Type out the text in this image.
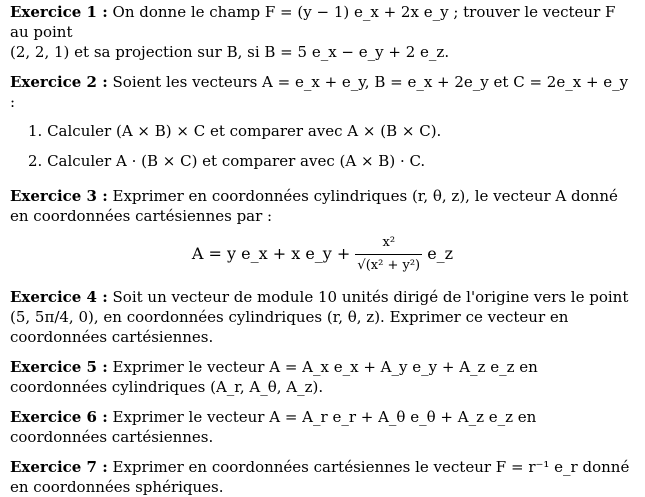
Exercice 1 : On donne le champ F = (y − 1) e_x + 2x e_y ; trouver le vecteur F au point
(2, 2, 1) et sa projection sur B, si B = 5 e_x − e_y + 2 e_z.
Exercice 2 : Soient les vecteurs A = e_x + e_y, B = e_x + 2e_y et C = 2e_x + e_y :
1. Calculer (A × B) × C et comparer avec A × (B × C).
2. Calculer A · (B × C) et comparer avec (A × B) · C.
Exercice 3 : Exprimer en coordonnées cylindriques (r, θ, z), le vecteur A donné en coordonnées cartésiennes par :
A = y e_x + x e_y + $\frac{\text{x²}}{\text{√(x² + y²)}}$ e_z
Exercice 4 : Soit un vecteur de module 10 unités dirigé de l'origine vers le point (5, 5π/4, 0), en coordonnées cylindriques (r, θ, z). Exprimer ce vecteur en coordonnées cartésiennes.
Exercice 5 : Exprimer le vecteur A = A_x e_x + A_y e_y + A_z e_z en coordonnées cylindriques (A_r, A_θ, A_z).
Exercice 6 : Exprimer le vecteur A = A_r e_r + A_θ e_θ + A_z e_z en coordonnées cartésiennes.
Exercice 7 : Exprimer en coordonnées cartésiennes le vecteur F = r⁻¹ e_r donné en coordonnées sphériques.
